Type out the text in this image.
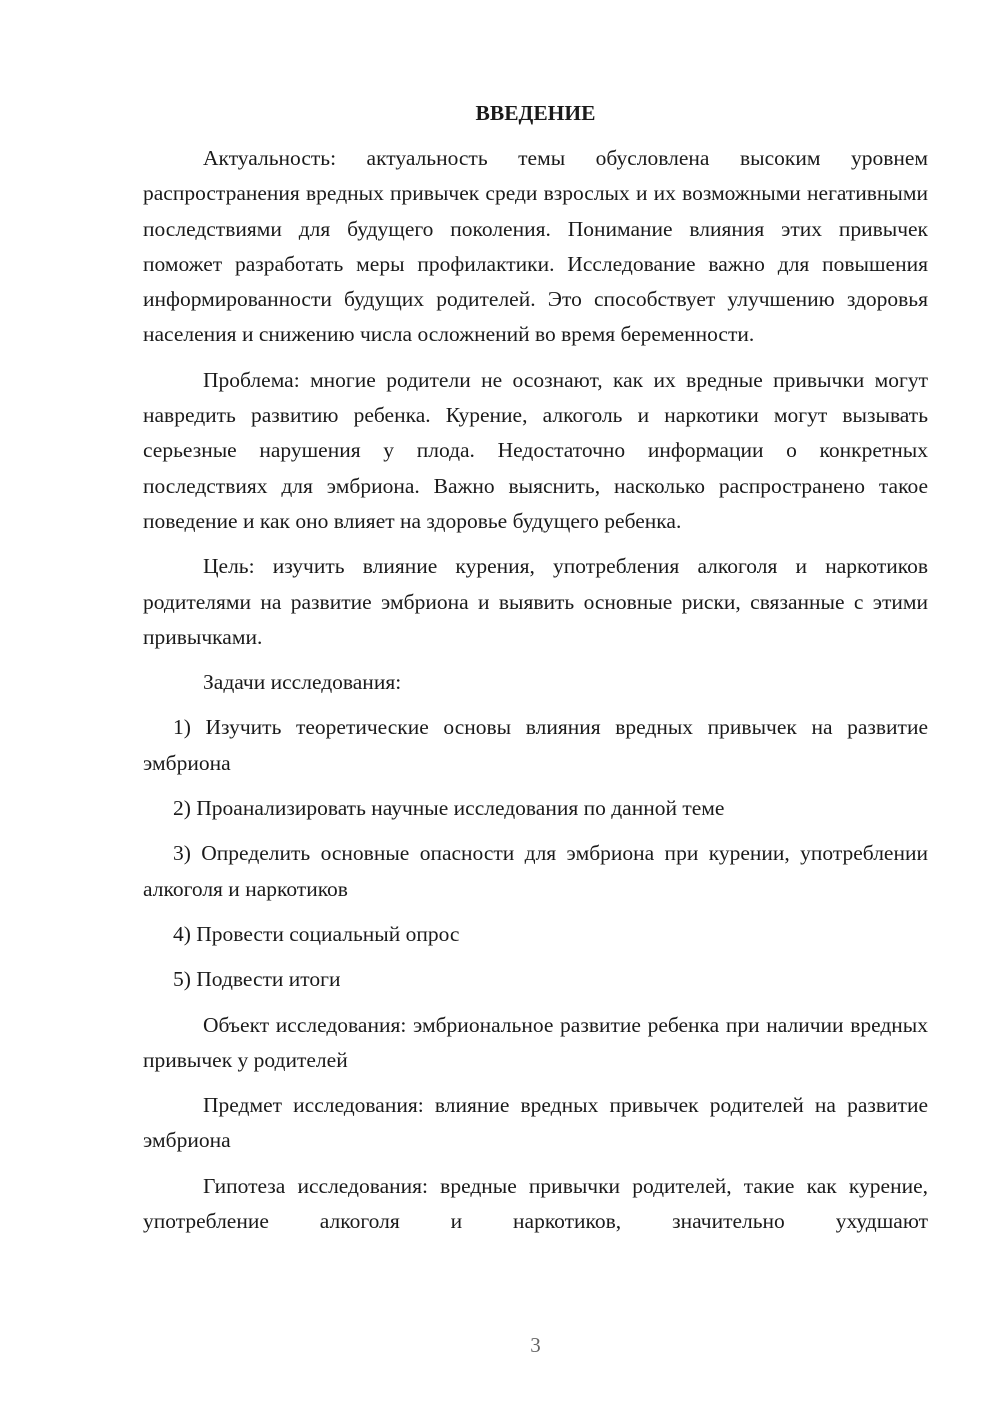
ВВЕДЕНИЕ

Актуальность: актуальность темы обусловлена высоким уровнем распространения вредных привычек среди взрослых и их возможными негативными последствиями для будущего поколения. Понимание влияния этих привычек поможет разработать меры профилактики. Исследование важно для повышения информированности будущих родителей. Это способствует улучшению здоровья населения и снижению числа осложнений во время беременности.

Проблема: многие родители не осознают, как их вредные привычки могут навредить развитию ребенка. Курение, алкоголь и наркотики могут вызывать серьезные нарушения у плода. Недостаточно информации о конкретных последствиях для эмбриона. Важно выяснить, насколько распространено такое поведение и как оно влияет на здоровье будущего ребенка.

Цель: изучить влияние курения, употребления алкоголя и наркотиков родителями на развитие эмбриона и выявить основные риски, связанные с этими привычками.

Задачи исследования:

1) Изучить теоретические основы влияния вредных привычек на развитие эмбриона

2) Проанализировать научные исследования по данной теме

3) Определить основные опасности для эмбриона при курении, употреблении алкоголя и наркотиков

4) Провести социальный опрос

5) Подвести итоги

Объект исследования: эмбриональное развитие ребенка при наличии вредных привычек у родителей

Предмет исследования: влияние вредных привычек родителей на развитие эмбриона

Гипотеза исследования: вредные привычки родителей, такие как курение, употребление алкоголя и наркотиков, значительно ухудшают

3
